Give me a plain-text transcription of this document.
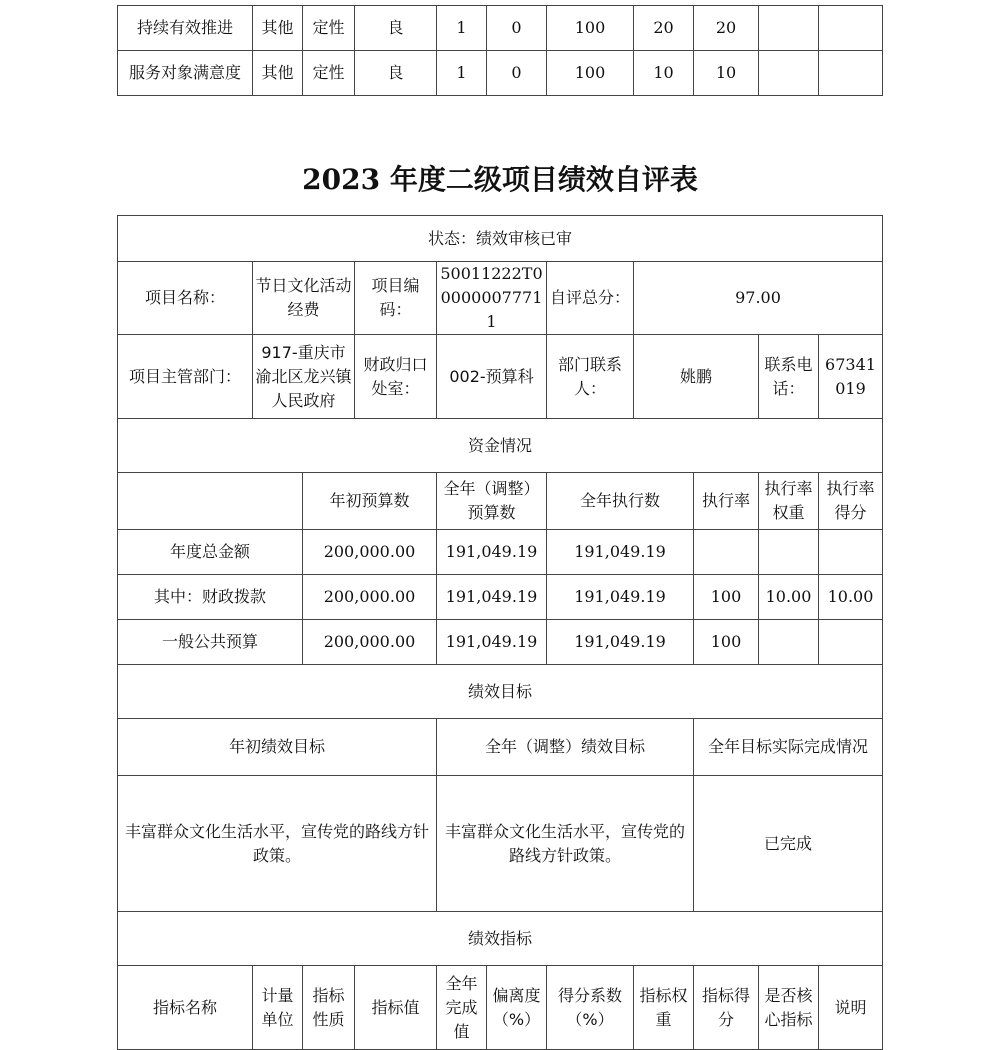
持续有效推进	其他	定性	良	1	0	100	20	20		
服务对象满意度	其他	定性	良	1	0	100	10	10		
2023 年度二级项目绩效自评表
状态：绩效审核已审										
项目名称：	节日文化活动经费		项目编码：	50011222T000000077711		自评总分：	97.00			
项目主管部门：	917-重庆市渝北区龙兴镇人民政府		财政归口处室：	002-预算科		部门联系人：	姚鹏		联系电话：	67341019
资金情况										
		年初预算数		全年（调整）预算数		全年执行数		执行率	执行率权重	执行率得分
年度总金额		200,000.00		191,049.19		191,049.19				
其中：财政拨款		200,000.00		191,049.19		191,049.19		100	10.00	10.00
一般公共预算		200,000.00		191,049.19		191,049.19		100		
绩效目标										
年初绩效目标				全年（调整）绩效目标				全年目标实际完成情况		
丰富群众文化生活水平，宣传党的路线方针政策。				丰富群众文化生活水平，宣传党的路线方针政策。				已完成		
绩效指标										
指标名称	计量单位	指标性质	指标值	全年完成值	偏离度（%）	得分系数（%）	指标权重	指标得分	是否核心指标	说明
